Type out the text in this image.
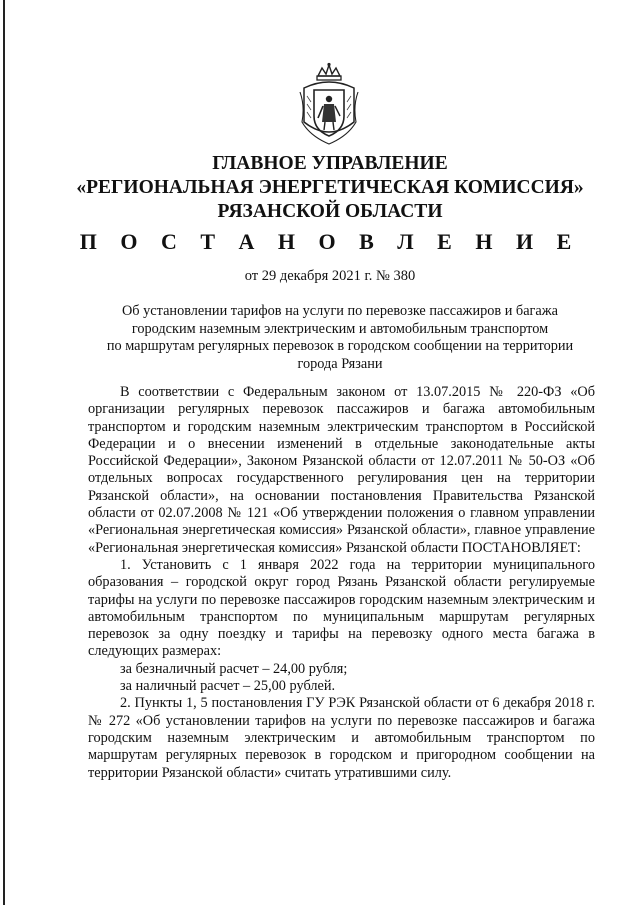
ГЛАВНОЕ УПРАВЛЕНИЕ
«РЕГИОНАЛЬНАЯ ЭНЕРГЕТИЧЕСКАЯ КОМИССИЯ»
РЯЗАНСКОЙ ОБЛАСТИ
П О С Т А Н О В Л Е Н И Е
от 29 декабря 2021 г. № 380
Об установлении тарифов на услуги по перевозке пассажиров и багажа
городским наземным электрическим и автомобильным транспортом
по маршрутам регулярных перевозок в городском сообщении на территории
города Рязани

В соответствии с Федеральным законом от 13.07.2015 № 220-ФЗ «Об организации регулярных перевозок пассажиров и багажа автомобильным транспортом и городским наземным электрическим транспортом в Российской Федерации и о внесении изменений в отдельные законодательные акты Российской Федерации», Законом Рязанской области от 12.07.2011 № 50-ОЗ «Об отдельных вопросах государственного регулирования цен на территории Рязанской области», на основании постановления Правительства Рязанской области от 02.07.2008 № 121 «Об утверждении положения о главном управлении «Региональная энергетическая комиссия» Рязанской области», главное управление «Региональная энергетическая комиссия» Рязанской области ПОСТАНОВЛЯЕТ:

1. Установить с 1 января 2022 года на территории муниципального образования – городской округ город Рязань Рязанской области регулируемые тарифы на услуги по перевозке пассажиров городским наземным электрическим и автомобильным транспортом по муниципальным маршрутам регулярных перевозок за одну поездку и тарифы на перевозку одного места багажа в следующих размерах:

за безналичный расчет – 24,00 рубля;

за наличный расчет – 25,00 рублей.

2. Пункты 1, 5 постановления ГУ РЭК Рязанской области от 6 декабря 2018 г. № 272 «Об установлении тарифов на услуги по перевозке пассажиров и багажа городским наземным электрическим и автомобильным транспортом по маршрутам регулярных перевозок в городском и пригородном сообщении на территории Рязанской области» считать утратившими силу.
